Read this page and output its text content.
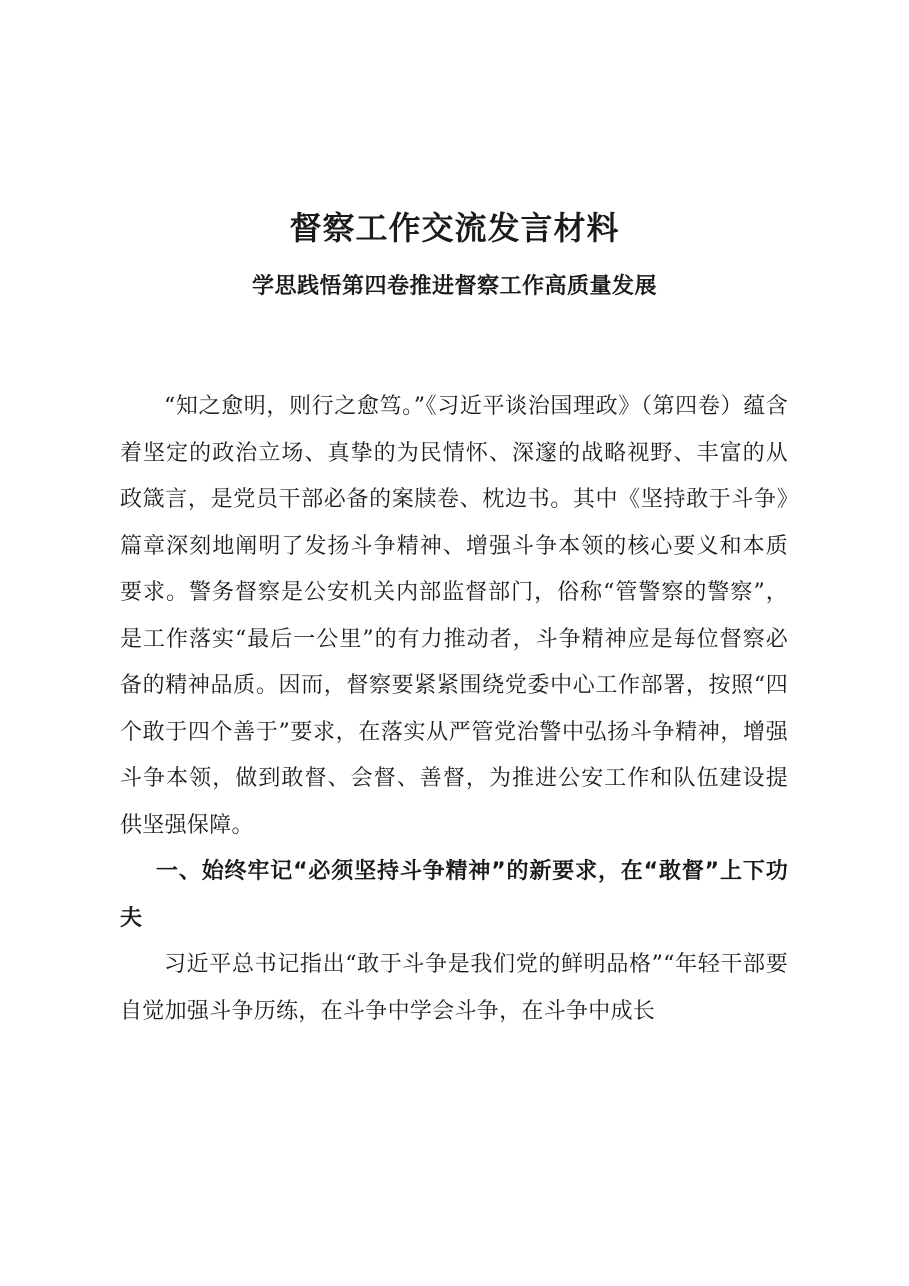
督察工作交流发言材料
学思践悟第四卷推进督察工作高质量发展

“知之愈明，则行之愈笃。”《习近平谈治国理政》（第四卷）蕴含着坚定的政治立场、真挚的为民情怀、深邃的战略视野、丰富的从政箴言，是党员干部必备的案牍卷、枕边书。其中《坚持敢于斗争》篇章深刻地阐明了发扬斗争精神、增强斗争本领的核心要义和本质要求。警务督察是公安机关内部监督部门，俗称“管警察的警察”，是工作落实“最后一公里”的有力推动者，斗争精神应是每位督察必备的精神品质。因而，督察要紧紧围绕党委中心工作部署，按照“四个敢于四个善于”要求，在落实从严管党治警中弘扬斗争精神，增强斗争本领，做到敢督、会督、善督，为推进公安工作和队伍建设提供坚强保障。

一、始终牢记“必须坚持斗争精神”的新要求，在“敢督”上下功夫

习近平总书记指出“敢于斗争是我们党的鲜明品格”“年轻干部要自觉加强斗争历练，在斗争中学会斗争，在斗争中成长
